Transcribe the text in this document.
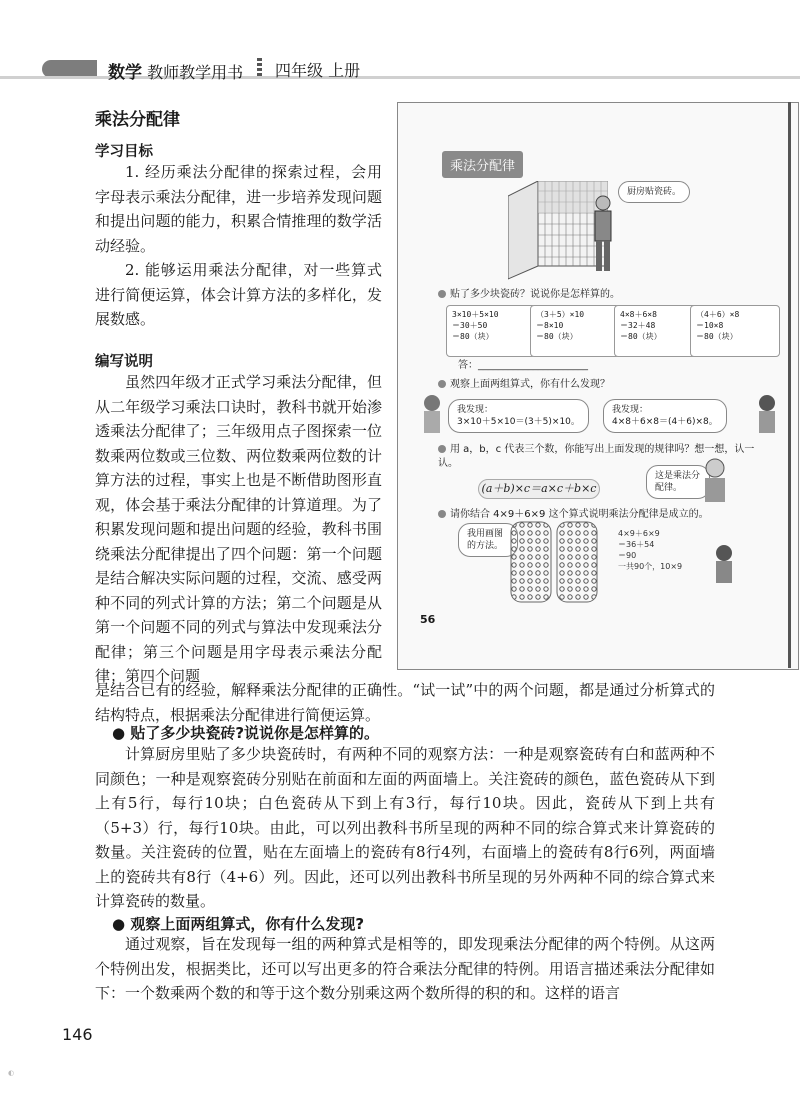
数学 教师教学用书 四年级 上册
乘法分配律
学习目标

1. 经历乘法分配律的探索过程，会用字母表示乘法分配律，进一步培养发现问题和提出问题的能力，积累合情推理的数学活动经验。

2. 能够运用乘法分配律，对一些算式进行简便运算，体会计算方法的多样化，发展数感。

编写说明

虽然四年级才正式学习乘法分配律，但从二年级学习乘法口诀时，教科书就开始渗透乘法分配律了；三年级用点子图探索一位数乘两位数或三位数、两位数乘两位数的计算方法的过程，事实上也是不断借助图形直观，体会基于乘法分配律的计算道理。为了积累发现问题和提出问题的经验，教科书围绕乘法分配律提出了四个问题：第一个问题是结合解决实际问题的过程，交流、感受两种不同的列式计算的方法；第二个问题是从第一个问题不同的列式与算法中发现乘法分配律；第三个问题是用字母表示乘法分配律；第四个问题

是结合已有的经验，解释乘法分配律的正确性。“试一试”中的两个问题，都是通过分析算式的结构特点，根据乘法分配律进行简便运算。

● 贴了多少块瓷砖?说说你是怎样算的。

计算厨房里贴了多少块瓷砖时，有两种不同的观察方法：一种是观察瓷砖有白和蓝两种不同颜色；一种是观察瓷砖分别贴在前面和左面的两面墙上。关注瓷砖的颜色，蓝色瓷砖从下到上有5行，每行10块；白色瓷砖从下到上有3行，每行10块。因此，瓷砖从下到上共有（5+3）行，每行10块。由此，可以列出教科书所呈现的两种不同的综合算式来计算瓷砖的数量。关注瓷砖的位置，贴在左面墙上的瓷砖有8行4列，右面墙上的瓷砖有8行6列，两面墙上的瓷砖共有8行（4+6）列。因此，还可以列出教科书所呈现的另外两种不同的综合算式来计算瓷砖的数量。

● 观察上面两组算式，你有什么发现?

通过观察，旨在发现每一组的两种算式是相等的，即发现乘法分配律的两个特例。从这两个特例出发，根据类比，还可以写出更多的符合乘法分配律的特例。用语言描述乘法分配律如下：一个数乘两个数的和等于这个数分别乘这两个数所得的积的和。这样的语言

146
◐
乘法分配律
厨房贴瓷砖。
贴了多少块瓷砖？说说你是怎样算的。
3×10＋5×10
＝30＋50
＝80（块）
（3＋5）×10
＝8×10
＝80（块）
4×8＋6×8
＝32＋48
＝80（块）
（4＋6）×8
＝10×8
＝80（块）
答：______________________
观察上面两组算式，你有什么发现？
我发现：
3×10＋5×10＝(3＋5)×10。
我发现：
4×8＋6×8＝(4＋6)×8。
用 a，b，c 代表三个数，你能写出上面发现的规律吗？想一想，认一认。
(a＋b)×c＝a×c＋b×c
这是乘法分配律。
请你结合 4×9＋6×9 这个算式说明乘法分配律是成立的。
我用画图的方法。
4×9＋6×9
＝36＋54
＝90
一共90个，10×9
56
